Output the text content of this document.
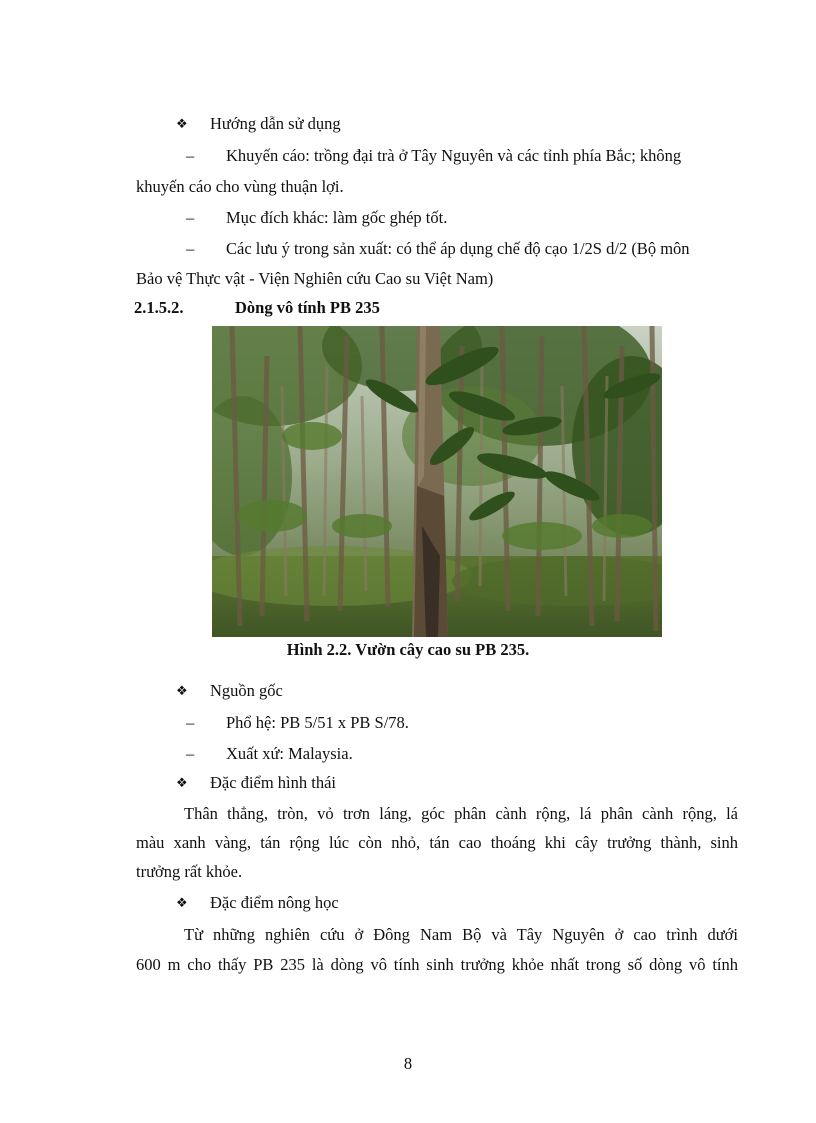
❖ Hướng dẫn sử dụng
– Khuyến cáo: trồng đại trà ở Tây Nguyên và các tỉnh phía Bắc; không
khuyến cáo cho vùng thuận lợi.
– Mục đích khác: làm gốc ghép tốt.
– Các lưu ý trong sản xuất: có thể áp dụng chế độ cạo 1/2S d/2 (Bộ môn
Bảo vệ Thực vật - Viện Nghiên cứu Cao su Việt Nam)
2.1.5.2.	Dòng vô tính PB 235
Hình 2.2. Vườn cây cao su PB 235.
❖ Nguồn gốc
– Phổ hệ: PB 5/51 x PB S/78.
– Xuất xứ: Malaysia.
❖ Đặc điểm hình thái
Thân thẳng, tròn, vỏ trơn láng, góc phân cành rộng, lá phân cành rộng, lá
màu xanh vàng, tán rộng lúc còn nhỏ, tán cao thoáng khi cây trưởng thành, sinh
trưởng rất khỏe.
❖ Đặc điểm nông học
Từ những nghiên cứu ở Đông Nam Bộ và Tây Nguyên ở cao trình dưới
600 m cho thấy PB 235 là dòng vô tính sinh trưởng khỏe nhất trong số dòng vô tính
8
